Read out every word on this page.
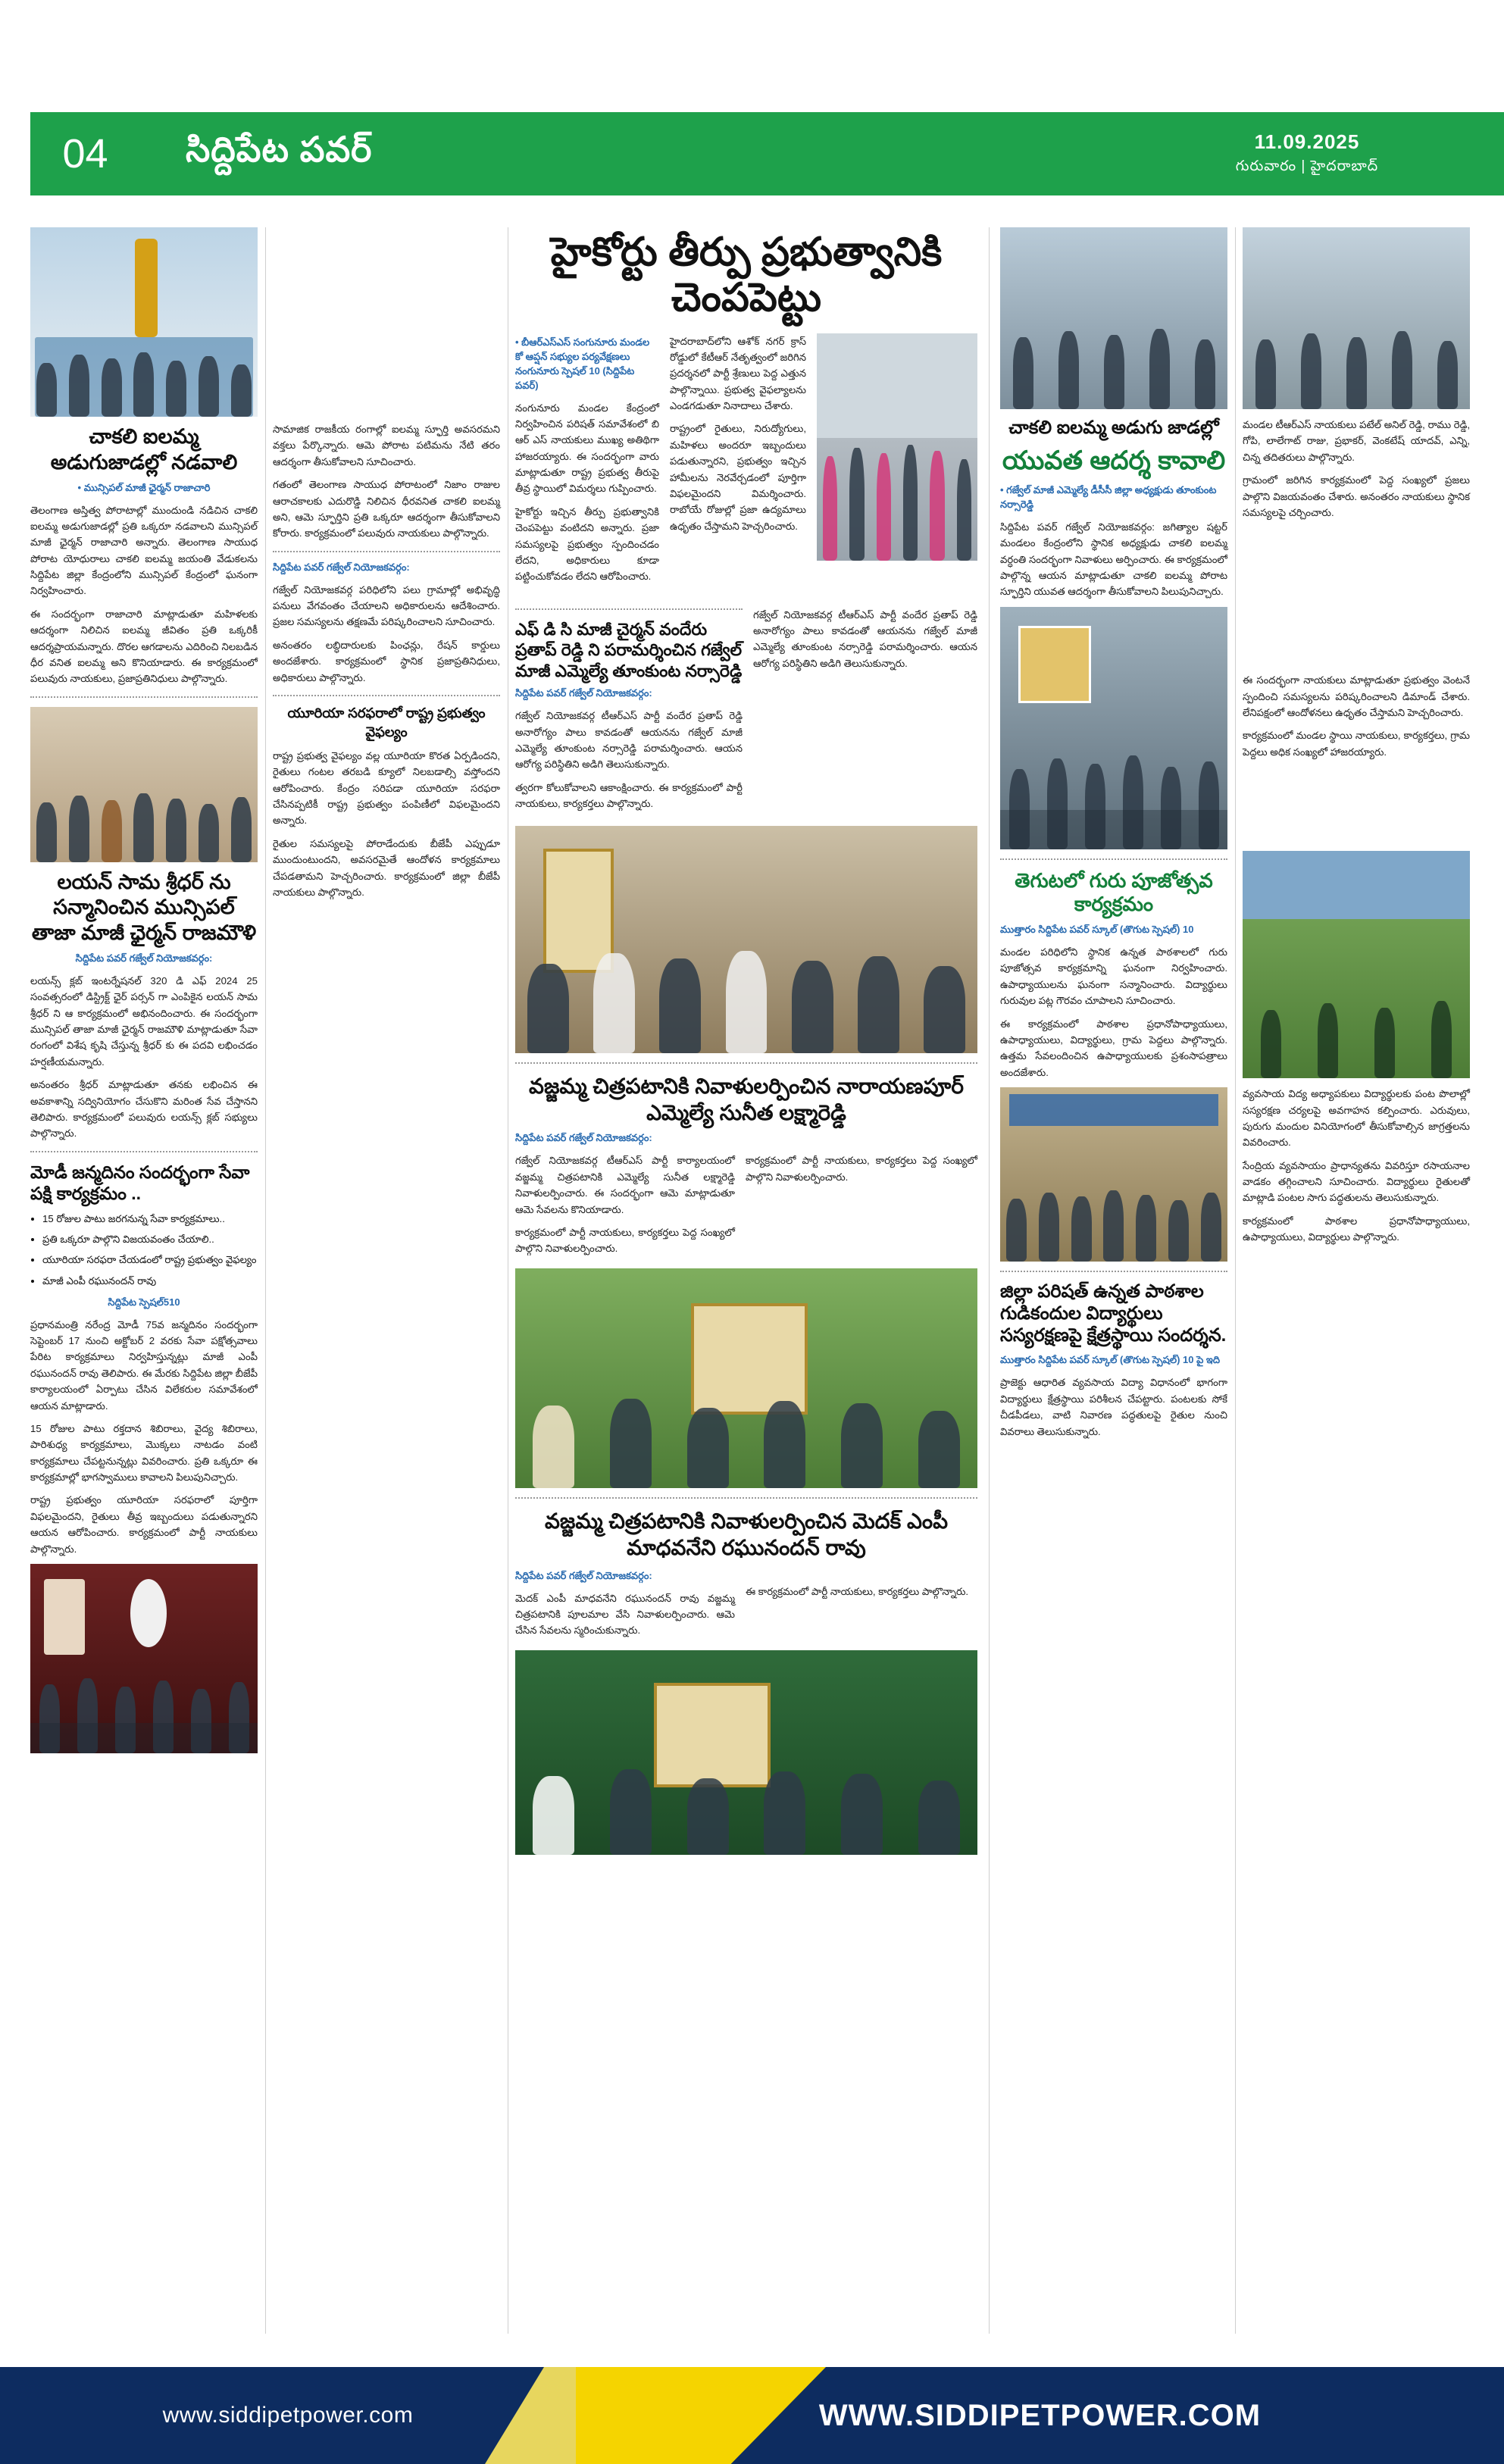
సిద్దిపేట పవర్	11.09.2025
గురువారం | హైదరాబాద్
04
చాకలి ఐలమ్మ అడుగుజాడల్లో నడవాలి
• మున్సిపల్ మాజీ ఛైర్మన్ రాజాచారి

తెలంగాణ అస్తిత్వ పోరాటాల్లో ముందుండి నడిచిన చాకలి ఐలమ్మ అడుగుజాడల్లో ప్రతి ఒక్కరూ నడవాలని మున్సిపల్ మాజీ ఛైర్మన్ రాజాచారి అన్నారు. తెలంగాణ సాయుధ పోరాట యోధురాలు చాకలి ఐలమ్మ జయంతి వేడుకలను సిద్దిపేట జిల్లా కేంద్రంలోని మున్సిపల్ కేంద్రంలో ఘనంగా నిర్వహించారు.

ఈ సందర్భంగా రాజాచారి మాట్లాడుతూ మహిళలకు ఆదర్శంగా నిలిచిన ఐలమ్మ జీవితం ప్రతి ఒక్కరికీ ఆదర్శప్రాయమన్నారు. దొరల ఆగడాలను ఎదిరించి నిలబడిన ధీర వనిత ఐలమ్మ అని కొనియాడారు. ఈ కార్యక్రమంలో పలువురు నాయకులు, ప్రజాప్రతినిధులు పాల్గొన్నారు.

లయన్ సామ శ్రీధర్ ను సన్మానించిన మున్సిపల్ తాజా మాజీ ఛైర్మన్ రాజమౌళి
సిద్దిపేట పవర్ గజ్వేల్ నియోజకవర్గం:

లయన్స్ క్లబ్ ఇంటర్నేషనల్ 320 డి ఎఫ్ 2024 25 సంవత్సరంలో డిస్ట్రిక్ట్ ఛైర్ పర్సన్ గా ఎంపికైన లయన్ సామ శ్రీధర్ ని ఆ కార్యక్రమంలో అభినందించారు. ఈ సందర్భంగా మున్సిపల్ తాజా మాజీ ఛైర్మన్ రాజమౌళి మాట్లాడుతూ సేవా రంగంలో విశేష కృషి చేస్తున్న శ్రీధర్ కు ఈ పదవి లభించడం హర్షణీయమన్నారు.

అనంతరం శ్రీధర్ మాట్లాడుతూ తనకు లభించిన ఈ అవకాశాన్ని సద్వినియోగం చేసుకొని మరింత సేవ చేస్తానని తెలిపారు. కార్యక్రమంలో పలువురు లయన్స్ క్లబ్ సభ్యులు పాల్గొన్నారు.

మోడీ జన్మదినం సందర్భంగా సేవా పక్షి కార్యక్రమం ..
• 15 రోజుల పాటు జరగనున్న సేవా కార్యక్రమాలు..
• ప్రతి ఒక్కరూ పాల్గొని విజయవంతం చేయాలి..
• యూరియా సరఫరా చేయడంలో రాష్ట్ర ప్రభుత్వం వైఫల్యం
• మాజీ ఎంపీ రఘునందన్ రావు
సిద్దిపేట స్పెషల్510

ప్రధానమంత్రి నరేంద్ర మోడీ 75వ జన్మదినం సందర్భంగా సెప్టెంబర్ 17 నుంచి అక్టోబర్ 2 వరకు సేవా పక్షోత్సవాలు పేరిట కార్యక్రమాలు నిర్వహిస్తున్నట్లు మాజీ ఎంపీ రఘునందన్ రావు తెలిపారు. ఈ మేరకు సిద్దిపేట జిల్లా బీజేపీ కార్యాలయంలో ఏర్పాటు చేసిన విలేకరుల సమావేశంలో ఆయన మాట్లాడారు.

15 రోజుల పాటు రక్తదాన శిబిరాలు, వైద్య శిబిరాలు, పారిశుధ్య కార్యక్రమాలు, మొక్కలు నాటడం వంటి కార్యక్రమాలు చేపట్టనున్నట్లు వివరించారు. ప్రతి ఒక్కరూ ఈ కార్యక్రమాల్లో భాగస్వాములు కావాలని పిలుపునిచ్చారు.

రాష్ట్ర ప్రభుత్వం యూరియా సరఫరాలో పూర్తిగా విఫలమైందని, రైతులు తీవ్ర ఇబ్బందులు పడుతున్నారని ఆయన ఆరోపించారు. కార్యక్రమంలో పార్టీ నాయకులు పాల్గొన్నారు.

సామాజిక రాజకీయ రంగాల్లో ఐలమ్మ స్ఫూర్తి అవసరమని వక్తలు పేర్కొన్నారు. ఆమె పోరాట పటిమను నేటి తరం ఆదర్శంగా తీసుకోవాలని సూచించారు.

గతంలో తెలంగాణ సాయుధ పోరాటంలో నిజాం రాజుల ఆరాచకాలకు ఎదురొడ్డి నిలిచిన ధీరవనిత చాకలి ఐలమ్మ అని, ఆమె స్ఫూర్తిని ప్రతి ఒక్కరూ ఆదర్శంగా తీసుకోవాలని కోరారు. కార్యక్రమంలో పలువురు నాయకులు పాల్గొన్నారు.

సిద్దిపేట పవర్ గజ్వేల్ నియోజకవర్గం:

గజ్వేల్ నియోజకవర్గ పరిధిలోని పలు గ్రామాల్లో అభివృద్ధి పనులు వేగవంతం చేయాలని అధికారులను ఆదేశించారు. ప్రజల సమస్యలను తక్షణమే పరిష్కరించాలని సూచించారు.

అనంతరం లబ్ధిదారులకు పింఛన్లు, రేషన్ కార్డులు అందజేశారు. కార్యక్రమంలో స్థానిక ప్రజాప్రతినిధులు, అధికారులు పాల్గొన్నారు.

యూరియా సరఫరాలో రాష్ట్ర ప్రభుత్వం వైఫల్యం

రాష్ట్ర ప్రభుత్వ వైఫల్యం వల్ల యూరియా కొరత ఏర్పడిందని, రైతులు గంటల తరబడి క్యూలో నిలబడాల్సి వస్తోందని ఆరోపించారు. కేంద్రం సరిపడా యూరియా సరఫరా చేసినప్పటికీ రాష్ట్ర ప్రభుత్వం పంపిణీలో విఫలమైందని అన్నారు.

రైతుల సమస్యలపై పోరాడేందుకు బీజేపీ ఎప్పుడూ ముందుంటుందని, అవసరమైతే ఆందోళన కార్యక్రమాలు చేపడతామని హెచ్చరించారు. కార్యక్రమంలో జిల్లా బీజేపీ నాయకులు పాల్గొన్నారు.

హైకోర్టు తీర్పు ప్రభుత్వానికి చెంపపెట్టు
• బీఆర్ఎస్ఎస్ సంగునూరు మండల కో ఆప్షన్ సభ్యుల పర్యవేక్షణలు నంగునూరు స్పెషల్ 10 (సిద్దిపేట పవర్)

నంగునూరు మండల కేంద్రంలో నిర్వహించిన పరిషత్ సమావేశంలో బి ఆర్ ఎస్ నాయకులు ముఖ్య అతిథిగా హాజరయ్యారు. ఈ సందర్భంగా వారు మాట్లాడుతూ రాష్ట్ర ప్రభుత్వ తీరుపై తీవ్ర స్థాయిలో విమర్శలు గుప్పించారు.

హైకోర్టు ఇచ్చిన తీర్పు ప్రభుత్వానికి చెంపపెట్టు వంటిదని అన్నారు. ప్రజా సమస్యలపై ప్రభుత్వం స్పందించడం లేదని, అధికారులు కూడా పట్టించుకోవడం లేదని ఆరోపించారు.

హైదరాబాద్‌లోని ఆశోక్ నగర్ క్రాస్ రోడ్డులో కేటీఆర్ నేతృత్వంలో జరిగిన ప్రదర్శనలో పార్టీ శ్రేణులు పెద్ద ఎత్తున పాల్గొన్నాయి. ప్రభుత్వ వైఫల్యాలను ఎండగడుతూ నినాదాలు చేశారు.

రాష్ట్రంలో రైతులు, నిరుద్యోగులు, మహిళలు అందరూ ఇబ్బందులు పడుతున్నారని, ప్రభుత్వం ఇచ్చిన హామీలను నెరవేర్చడంలో పూర్తిగా విఫలమైందని విమర్శించారు. రాబోయే రోజుల్లో ప్రజా ఉద్యమాలు ఉధృతం చేస్తామని హెచ్చరించారు.

ఎఫ్ డి సి మాజీ చైర్మన్ వందేరు ప్రతాప్ రెడ్డి ని పరామర్శించిన గజ్వేల్ మాజీ ఎమ్మెల్యే తూంకుంట నర్సారెడ్డి
సిద్దిపేట పవర్ గజ్వేల్ నియోజకవర్గం:

గజ్వేల్ నియోజకవర్గ టీఆర్ఎస్ పార్టీ వందేర ప్రతాప్ రెడ్డి అనారోగ్యం పాలు కావడంతో ఆయనను గజ్వేల్ మాజీ ఎమ్మెల్యే తూంకుంట నర్సారెడ్డి పరామర్శించారు. ఆయన ఆరోగ్య పరిస్థితిని అడిగి తెలుసుకున్నారు.

త్వరగా కోలుకోవాలని ఆకాంక్షించారు. ఈ కార్యక్రమంలో పార్టీ నాయకులు, కార్యకర్తలు పాల్గొన్నారు.

గజ్వేల్ నియోజకవర్గ టీఆర్ఎస్ పార్టీ వందేర ప్రతాప్ రెడ్డి అనారోగ్యం పాలు కావడంతో ఆయనను గజ్వేల్ మాజీ ఎమ్మెల్యే తూంకుంట నర్సారెడ్డి పరామర్శించారు. ఆయన ఆరోగ్య పరిస్థితిని అడిగి తెలుసుకున్నారు.

వజ్జమ్మ చిత్రపటానికి నివాళులర్పించిన నారాయణపూర్ ఎమ్మెల్యే సునీత లక్ష్మారెడ్డి
సిద్దిపేట పవర్ గజ్వేల్ నియోజకవర్గం:

గజ్వేల్ నియోజకవర్గ టీఆర్ఎస్ పార్టీ కార్యాలయంలో వజ్జమ్మ చిత్రపటానికి ఎమ్మెల్యే సునీత లక్ష్మారెడ్డి నివాళులర్పించారు. ఈ సందర్భంగా ఆమె మాట్లాడుతూ ఆమె సేవలను కొనియాడారు.

కార్యక్రమంలో పార్టీ నాయకులు, కార్యకర్తలు పెద్ద సంఖ్యలో పాల్గొని నివాళులర్పించారు.

కార్యక్రమంలో పార్టీ నాయకులు, కార్యకర్తలు పెద్ద సంఖ్యలో పాల్గొని నివాళులర్పించారు.

వజ్జమ్మ చిత్రపటానికి నివాళులర్పించిన మెదక్ ఎంపీ మాధవనేని రఘునందన్ రావు
సిద్దిపేట పవర్ గజ్వేల్ నియోజకవర్గం:

మెదక్ ఎంపీ మాధవనేని రఘునందన్ రావు వజ్జమ్మ చిత్రపటానికి పూలమాల వేసి నివాళులర్పించారు. ఆమె చేసిన సేవలను స్మరించుకున్నారు.

ఈ కార్యక్రమంలో పార్టీ నాయకులు, కార్యకర్తలు పాల్గొన్నారు.

చాకలి ఐలమ్మ అడుగు జాడల్లో
యువత ఆదర్శ కావాలి
• గజ్వేల్ మాజీ ఎమ్మెల్యే డీసీసీ జిల్లా అధ్యక్షుడు తూంకుంట నర్సారెడ్డి

సిద్దిపేట పవర్ గజ్వేల్ నియోజకవర్గం: జగిత్యాల షట్టర్ మండలం కేంద్రంలోని స్థానిక అధ్యక్షుడు చాకలి ఐలమ్మ వర్ధంతి సందర్భంగా నివాళులు అర్పించారు. ఈ కార్యక్రమంలో పాల్గొన్న ఆయన మాట్లాడుతూ చాకలి ఐలమ్మ పోరాట స్ఫూర్తిని యువత ఆదర్శంగా తీసుకోవాలని పిలుపునిచ్చారు.

తెగుటలో గురు పూజోత్సవ కార్యక్రమం
ముత్తారం సిద్దిపేట పవర్ స్కూల్ (తొగుట స్పెషల్) 10

మండల పరిధిలోని స్థానిక ఉన్నత పాఠశాలలో గురు పూజోత్సవ కార్యక్రమాన్ని ఘనంగా నిర్వహించారు. ఉపాధ్యాయులను ఘనంగా సన్మానించారు. విద్యార్థులు గురువుల పట్ల గౌరవం చూపాలని సూచించారు.

ఈ కార్యక్రమంలో పాఠశాల ప్రధానోపాధ్యాయులు, ఉపాధ్యాయులు, విద్యార్థులు, గ్రామ పెద్దలు పాల్గొన్నారు. ఉత్తమ సేవలందించిన ఉపాధ్యాయులకు ప్రశంసాపత్రాలు అందజేశారు.

జిల్లా పరిషత్ ఉన్నత పాఠశాల గుడికందుల విద్యార్థులు సస్యరక్షణపై క్షేత్రస్థాయి సందర్శన.
ముత్తారం సిద్దిపేట పవర్ స్కూల్ (తొగుట స్పెషల్) 10 పై ఇది

ప్రాజెక్టు ఆధారిత వ్యవసాయ విద్యా విధానంలో భాగంగా విద్యార్థులు క్షేత్రస్థాయి పరిశీలన చేపట్టారు. పంటలకు సోకే చీడపీడలు, వాటి నివారణ పద్ధతులపై రైతుల నుంచి వివరాలు తెలుసుకున్నారు.

మండల టీఆర్ఎస్ నాయకులు పటేల్ అనిల్ రెడ్డి, రాము రెడ్డి, గోపి, లాలేగాట్ రాజు, ప్రభాకర్, వెంకటేష్ యాదవ్, ఎన్ని, చిన్న తదితరులు పాల్గొన్నారు.

గ్రామంలో జరిగిన కార్యక్రమంలో పెద్ద సంఖ్యలో ప్రజలు పాల్గొని విజయవంతం చేశారు. అనంతరం నాయకులు స్థానిక సమస్యలపై చర్చించారు.

ఈ సందర్భంగా నాయకులు మాట్లాడుతూ ప్రభుత్వం వెంటనే స్పందించి సమస్యలను పరిష్కరించాలని డిమాండ్ చేశారు. లేనిపక్షంలో ఆందోళనలు ఉధృతం చేస్తామని హెచ్చరించారు.

కార్యక్రమంలో మండల స్థాయి నాయకులు, కార్యకర్తలు, గ్రామ పెద్దలు అధిక సంఖ్యలో హాజరయ్యారు.

వ్యవసాయ విద్య అధ్యాపకులు విద్యార్థులకు పంట పొలాల్లో సస్యరక్షణ చర్యలపై అవగాహన కల్పించారు. ఎరువులు, పురుగు మందుల వినియోగంలో తీసుకోవాల్సిన జాగ్రత్తలను వివరించారు.

సేంద్రియ వ్యవసాయం ప్రాధాన్యతను వివరిస్తూ రసాయనాల వాడకం తగ్గించాలని సూచించారు. విద్యార్థులు రైతులతో మాట్లాడి పంటల సాగు పద్ధతులను తెలుసుకున్నారు.

కార్యక్రమంలో పాఠశాల ప్రధానోపాధ్యాయులు, ఉపాధ్యాయులు, విద్యార్థులు పాల్గొన్నారు.

www.siddipetpower.com	WWW.SIDDIPETPOWER.COM
